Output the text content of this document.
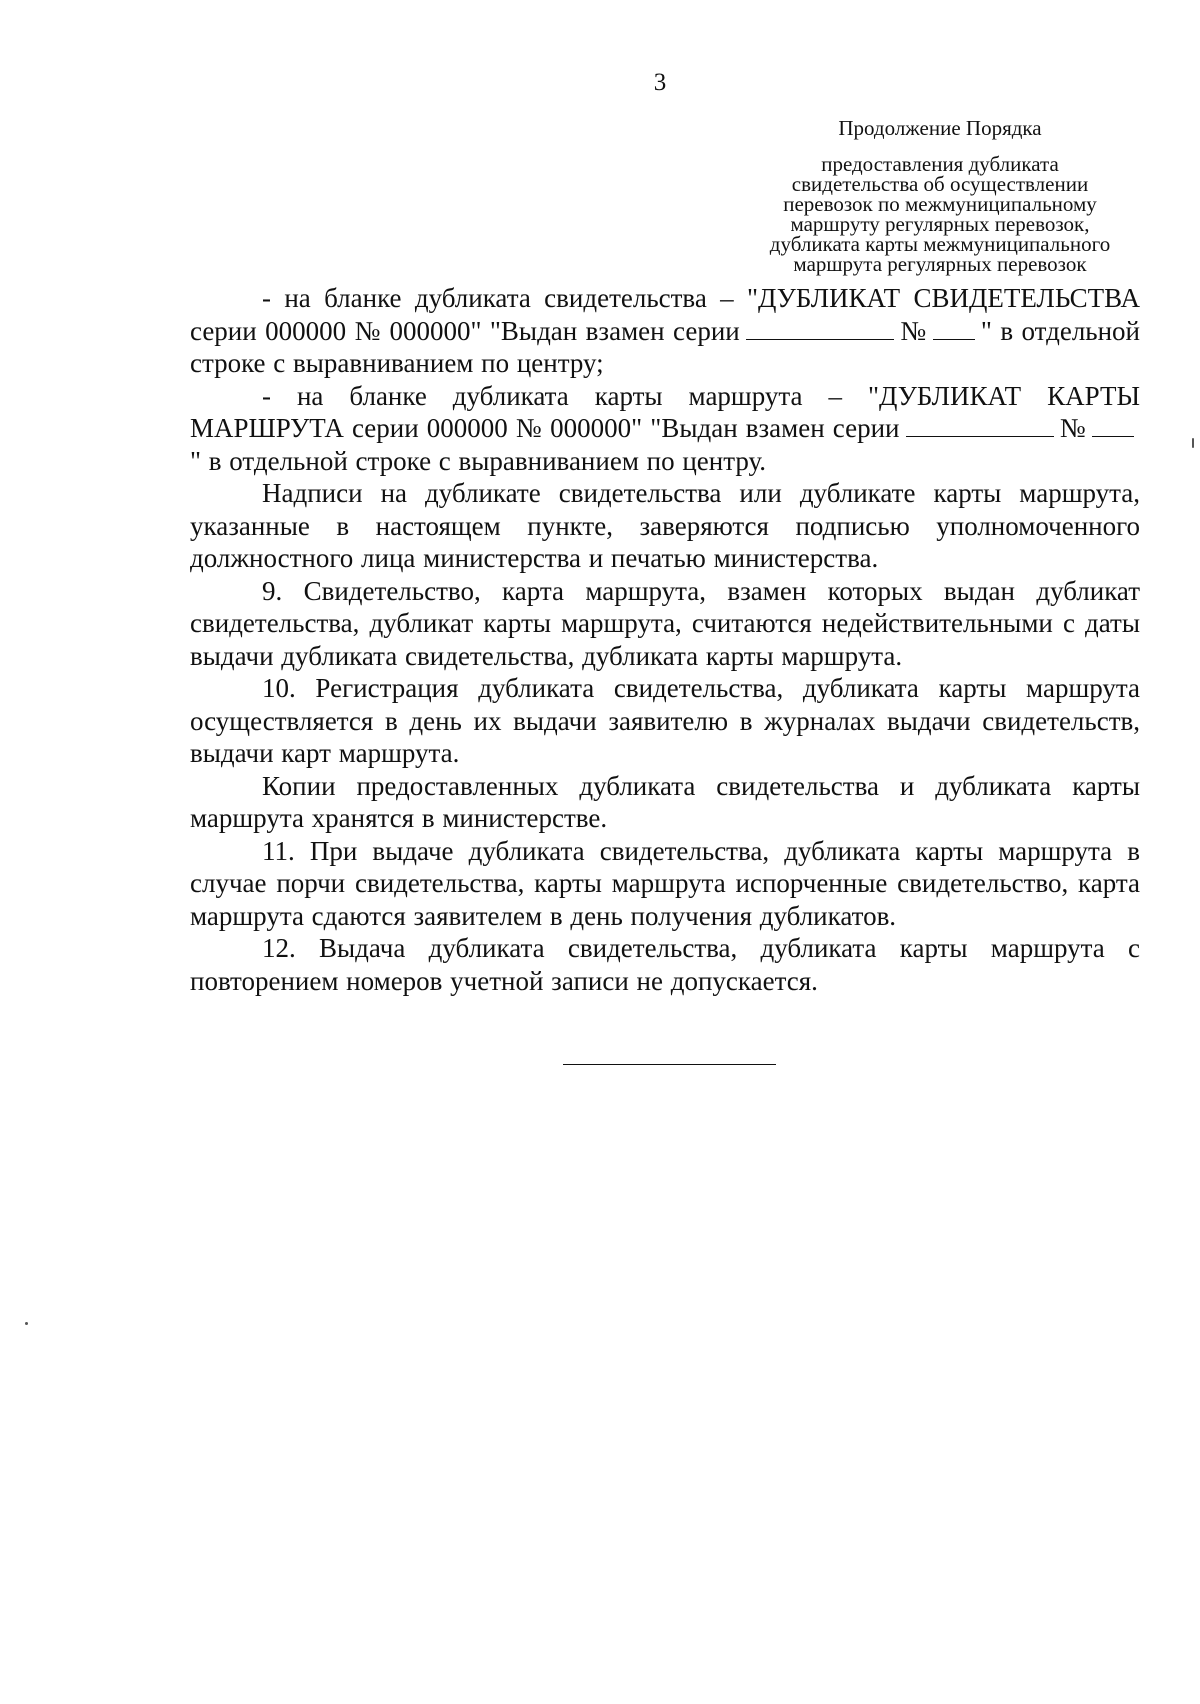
3
Продолжение Порядка
предоставления дубликата
свидетельства об осуществлении
перевозок по межмуниципальному
маршруту регулярных перевозок,
дубликата карты межмуниципального
маршрута регулярных перевозок

- на бланке дубликата свидетельства – "ДУБЛИКАТ СВИДЕТЕЛЬСТВА серии 000000 № 000000" "Выдан взамен серии	№ " в отдельной строке с выравниванием по центру;

- на бланке дубликата карты маршрута – "ДУБЛИКАТ КАРТЫ МАРШРУТА серии 000000 № 000000" "Выдан взамен серии	№" в отдельной строке с выравниванием по центру.

Надписи на дубликате свидетельства или дубликате карты маршрута, указанные в настоящем пункте, заверяются подписью уполномоченного должностного лица министерства и печатью министерства.

9. Свидетельство, карта маршрута, взамен которых выдан дубликат свидетельства, дубликат карты маршрута, считаются недействительными с даты выдачи дубликата свидетельства, дубликата карты маршрута.

10. Регистрация дубликата свидетельства, дубликата карты маршрута осуществляется в день их выдачи заявителю в журналах выдачи свидетельств, выдачи карт маршрута.

Копии предоставленных дубликата свидетельства и дубликата карты маршрута хранятся в министерстве.

11. При выдаче дубликата свидетельства, дубликата карты маршрута в случае порчи свидетельства, карты маршрута испорченные свидетельство, карта маршрута сдаются заявителем в день получения дубликатов.

12. Выдача дубликата свидетельства, дубликата карты маршрута с повторением номеров учетной записи не допускается.
